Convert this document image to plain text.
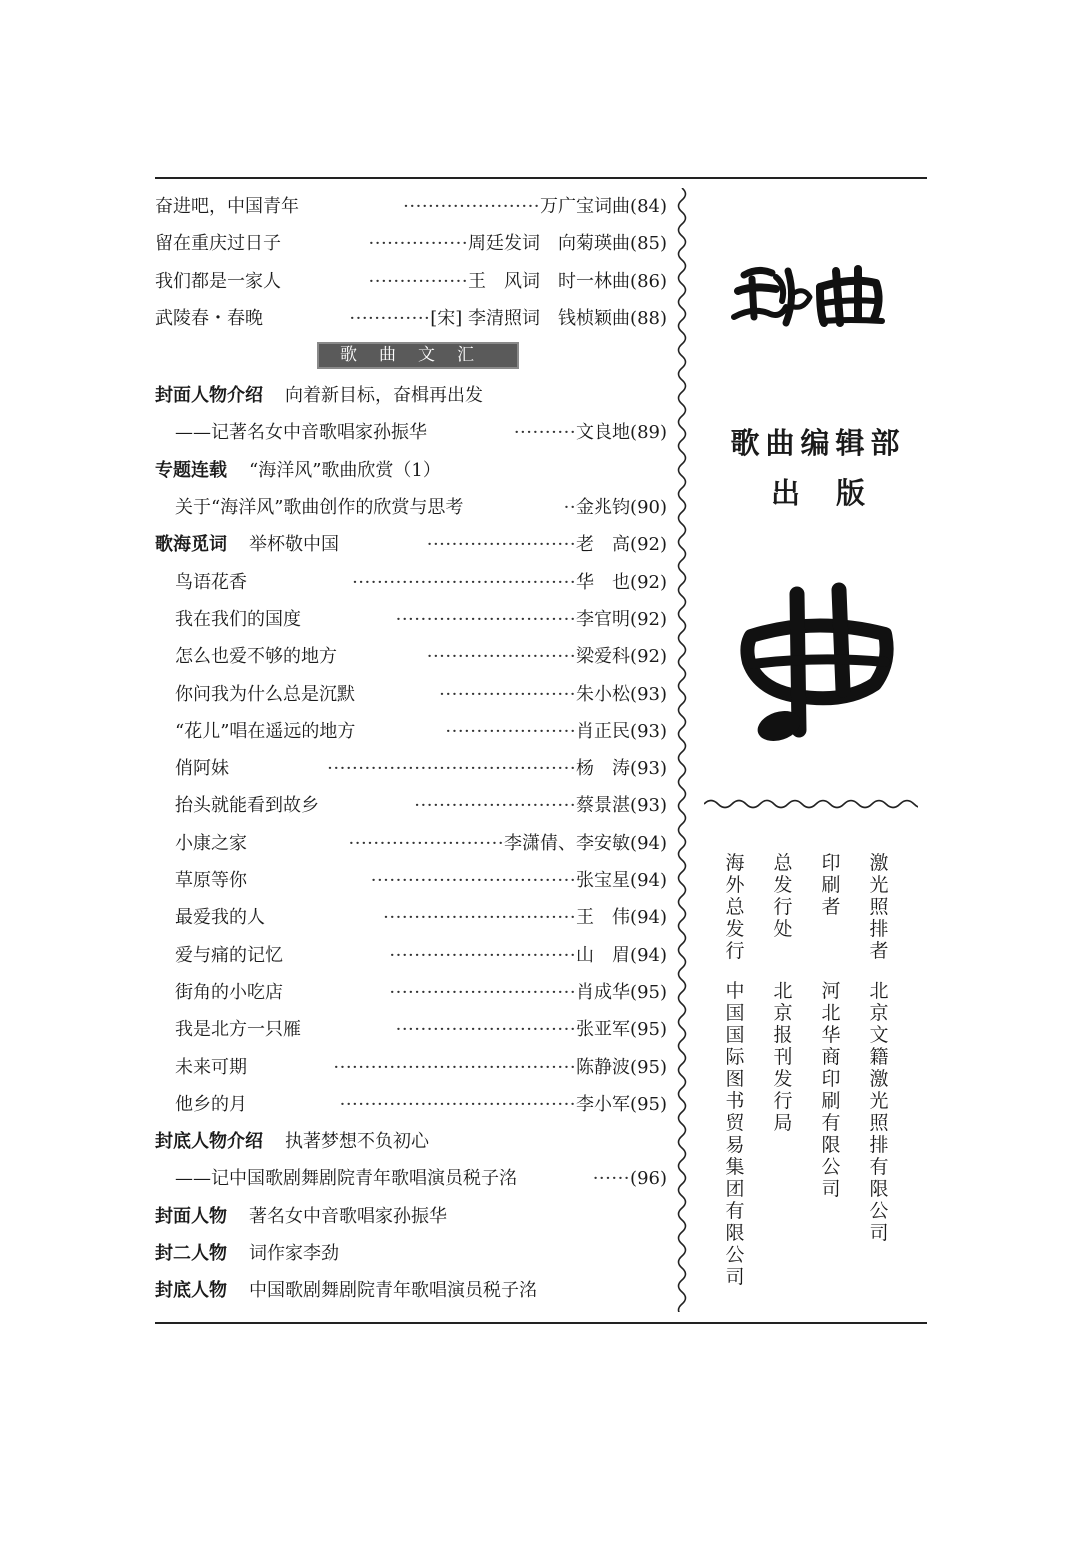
奋进吧，中国青年	······················万广宝词曲(84)
留在重庆过日子	················周廷发词　向菊瑛曲(85)
我们都是一家人	················王　风词　时一林曲(86)
武陵春・春晚	·············[宋] 李清照词　钱桢颖曲(88)
歌曲文汇
封面人物介绍 向着新目标，奋楫再出发
——记著名女中音歌唱家孙振华	··········文良地(89)
专题连载 “海洋风”歌曲欣赏（1）
关于“海洋风”歌曲创作的欣赏与思考	··金兆钧(90)
歌海觅词 举杯敬中国	························老　高(92)
鸟语花香	····································华　也(92)
我在我们的国度	·····························李官明(92)
怎么也爱不够的地方	························梁爱科(92)
你问我为什么总是沉默	······················朱小松(93)
“花儿”唱在遥远的地方	·····················肖正民(93)
俏阿妹	········································杨　涛(93)
抬头就能看到故乡	··························蔡景湛(93)
小康之家	·························李潇倩、李安敏(94)
草原等你	·································张宝星(94)
最爱我的人	·······························王　伟(94)
爱与痛的记忆	······························山　眉(94)
街角的小吃店	······························肖成华(95)
我是北方一只雁	·····························张亚军(95)
未来可期	·······································陈静波(95)
他乡的月	······································李小军(95)
封底人物介绍 执著梦想不负初心
——记中国歌剧舞剧院青年歌唱演员税子洺	······(96)
封面人物 著名女中音歌唱家孙振华
封二人物 词作家李劲
封底人物 中国歌剧舞剧院青年歌唱演员税子洺
歌曲编辑部
出版
激光照排者
北京文籍激光照排有限公司
印刷者
河北华商印刷有限公司
总发行处
北京报刊发行局
海外总发行
中国国际图书贸易集团有限公司
